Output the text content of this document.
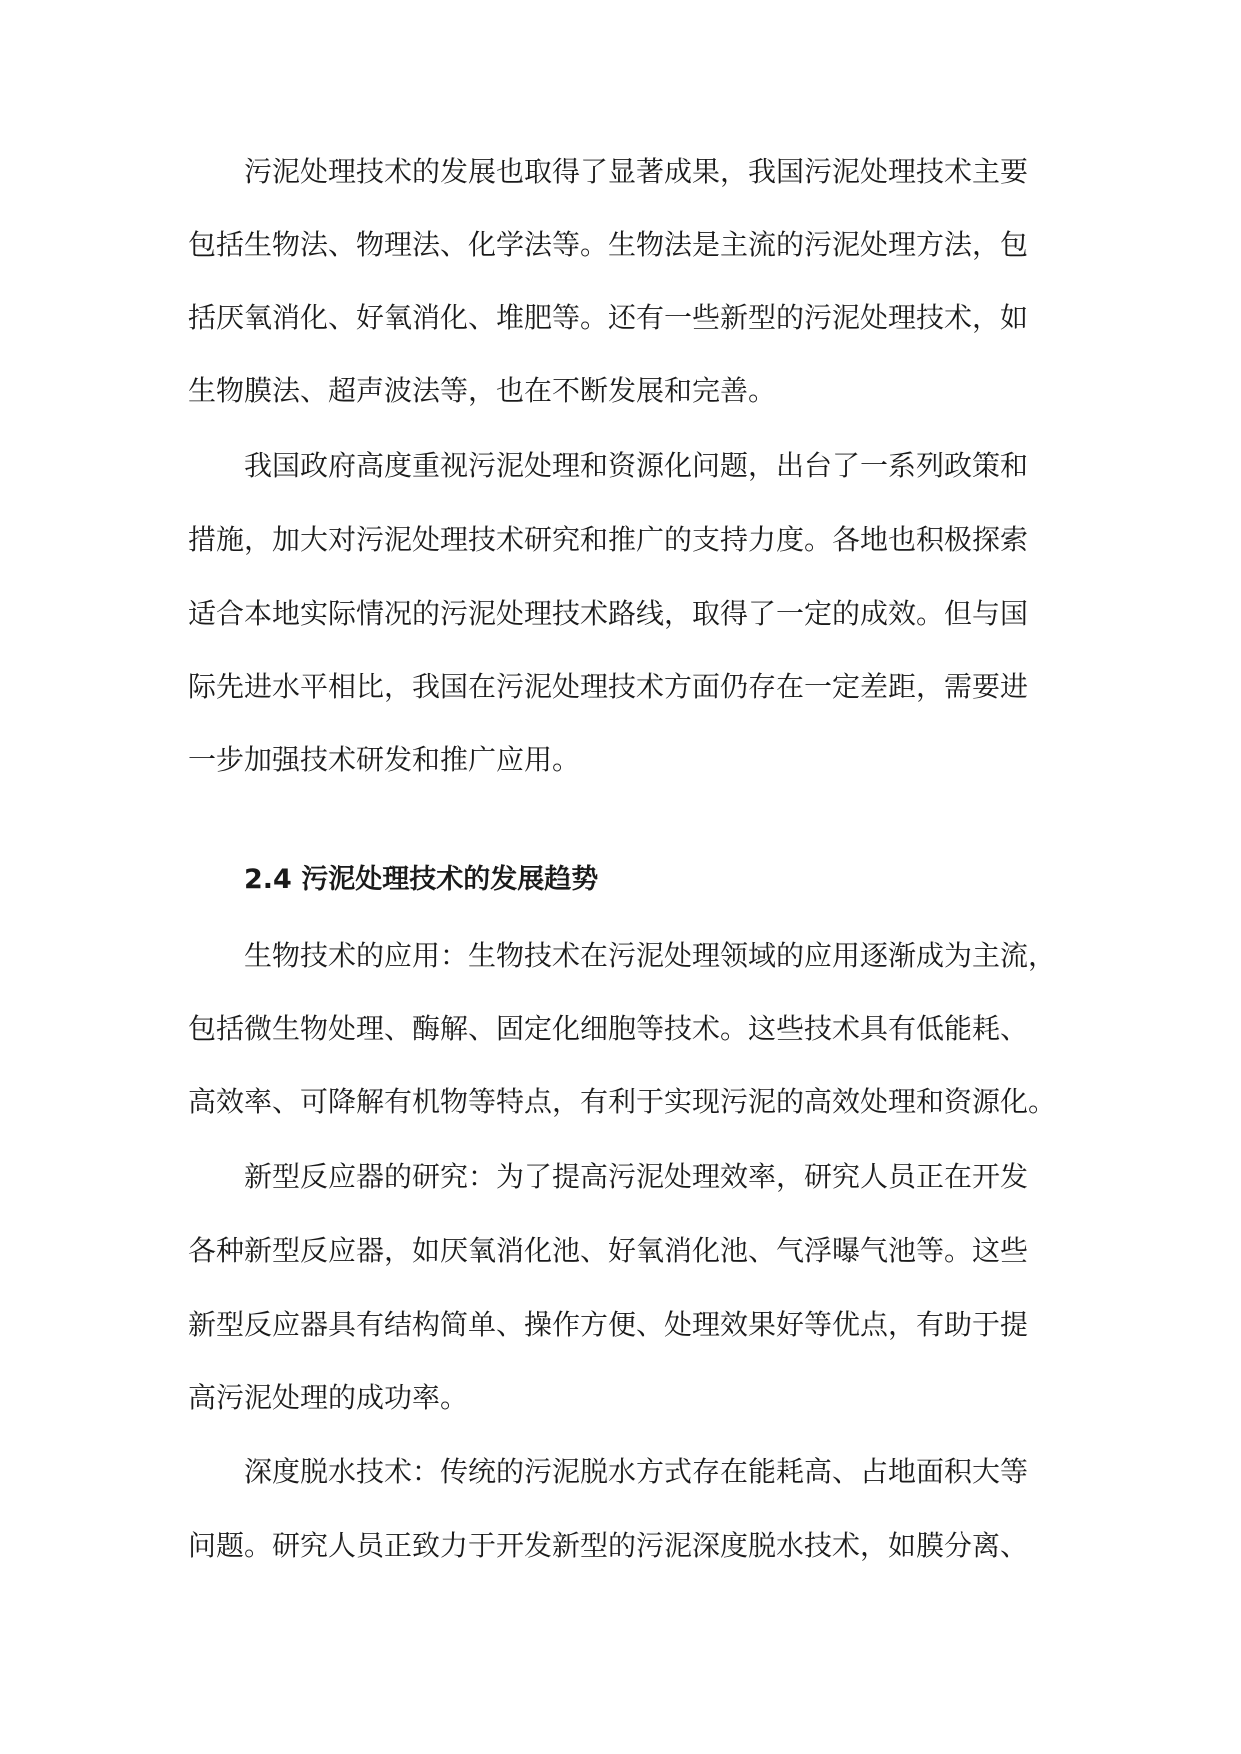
污泥处理技术的发展也取得了显著成果，我国污泥处理技术主要
包括生物法、物理法、化学法等。生物法是主流的污泥处理方法，包
括厌氧消化、好氧消化、堆肥等。还有一些新型的污泥处理技术，如
生物膜法、超声波法等，也在不断发展和完善。
我国政府高度重视污泥处理和资源化问题，出台了一系列政策和
措施，加大对污泥处理技术研究和推广的支持力度。各地也积极探索
适合本地实际情况的污泥处理技术路线，取得了一定的成效。但与国
际先进水平相比，我国在污泥处理技术方面仍存在一定差距，需要进
一步加强技术研发和推广应用。
2.4 污泥处理技术的发展趋势
生物技术的应用：生物技术在污泥处理领域的应用逐渐成为主流，
包括微生物处理、酶解、固定化细胞等技术。这些技术具有低能耗、
高效率、可降解有机物等特点，有利于实现污泥的高效处理和资源化。
新型反应器的研究：为了提高污泥处理效率，研究人员正在开发
各种新型反应器，如厌氧消化池、好氧消化池、气浮曝气池等。这些
新型反应器具有结构简单、操作方便、处理效果好等优点，有助于提
高污泥处理的成功率。
深度脱水技术：传统的污泥脱水方式存在能耗高、占地面积大等
问题。研究人员正致力于开发新型的污泥深度脱水技术，如膜分离、
